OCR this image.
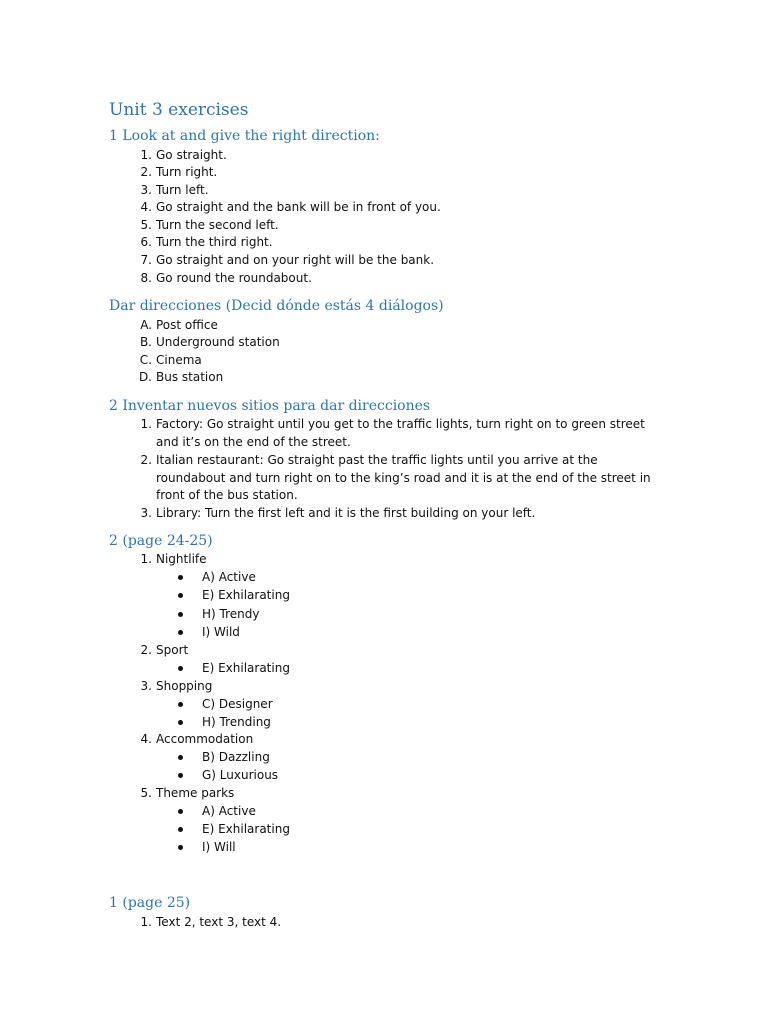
Unit 3 exercises
1 Look at and give the right direction:
1. Go straight.
2. Turn right.
3. Turn left.
4. Go straight and the bank will be in front of you.
5. Turn the second left.
6. Turn the third right.
7. Go straight and on your right will be the bank.
8. Go round the roundabout.
Dar direcciones (Decid dónde estás 4 diálogos)
A. Post office
B. Underground station
C. Cinema
D. Bus station
2 Inventar nuevos sitios para dar direcciones
1. Factory: Go straight until you get to the traffic lights, turn right on to green street and it’s on the end of the street.
2. Italian restaurant: Go straight past the traffic lights until you arrive at the roundabout and turn right on to the king’s road and it is at the end of the street in front of the bus station.
3. Library: Turn the first left and it is the first building on your left.
2 (page 24-25)
1. Nightlife
A) Active
E) Exhilarating
H) Trendy
I) Wild
2. Sport
E) Exhilarating
3. Shopping
C) Designer
H) Trending
4. Accommodation
B) Dazzling
G) Luxurious
5. Theme parks
A) Active
E) Exhilarating
I) Will
1 (page 25)
1. Text 2, text 3, text 4.
